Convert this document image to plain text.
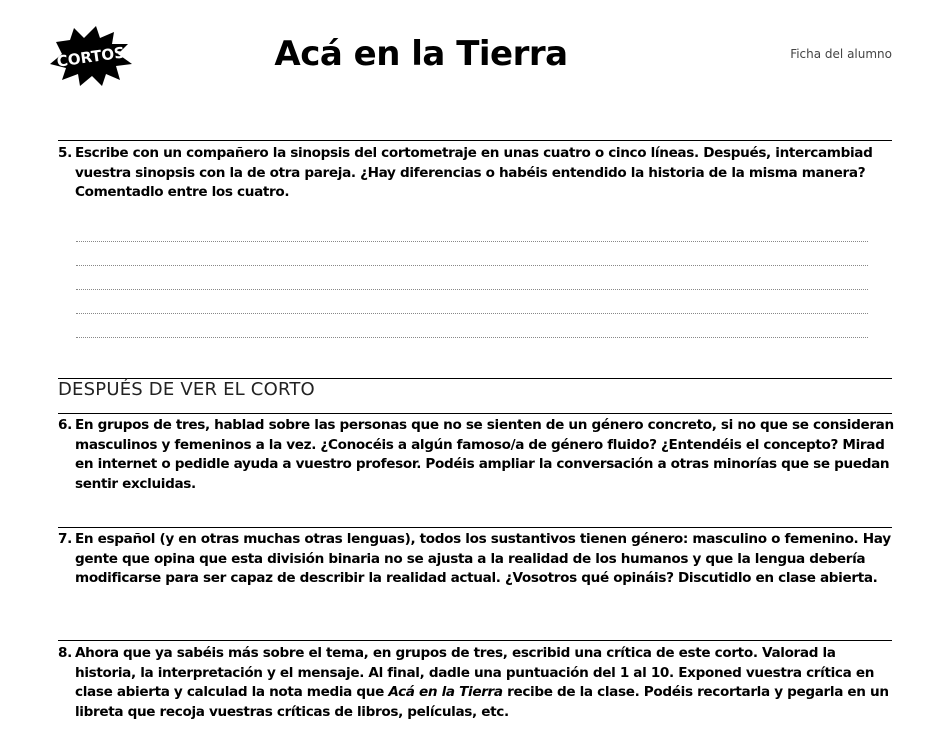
CORTOS	Acá en la Tierra	Ficha del alumno
5. Escribe con un compañero la sinopsis del cortometraje en unas cuatro o cinco líneas. Después, intercambiad vuestra sinopsis con la de otra pareja. ¿Hay diferencias o habéis entendido la historia de la misma manera? Comentadlo entre los cuatro.
DESPUÉS DE VER EL CORTO
6. En grupos de tres, hablad sobre las personas que no se sienten de un género concreto, si no que se consideran masculinos y femeninos a la vez. ¿Conocéis a algún famoso/a de género fluido? ¿Entendéis el concepto? Mirad en internet o pedidle ayuda a vuestro profesor. Podéis ampliar la conversación a otras minorías que se puedan sentir excluidas.
7. En español (y en otras muchas otras lenguas), todos los sustantivos tienen género: masculino o femenino. Hay gente que opina que esta división binaria no se ajusta a la realidad de los humanos y que la lengua debería modificarse para ser capaz de describir la realidad actual. ¿Vosotros qué opináis? Discutidlo en clase abierta.
8. Ahora que ya sabéis más sobre el tema, en grupos de tres, escribid una crítica de este corto. Valorad la historia, la interpretación y el mensaje. Al final, dadle una puntuación del 1 al 10. Exponed vuestra crítica en clase abierta y calculad la nota media que Acá en la Tierra recibe de la clase. Podéis recortarla y pegarla en un libreta que recoja vuestras críticas de libros, películas, etc.
